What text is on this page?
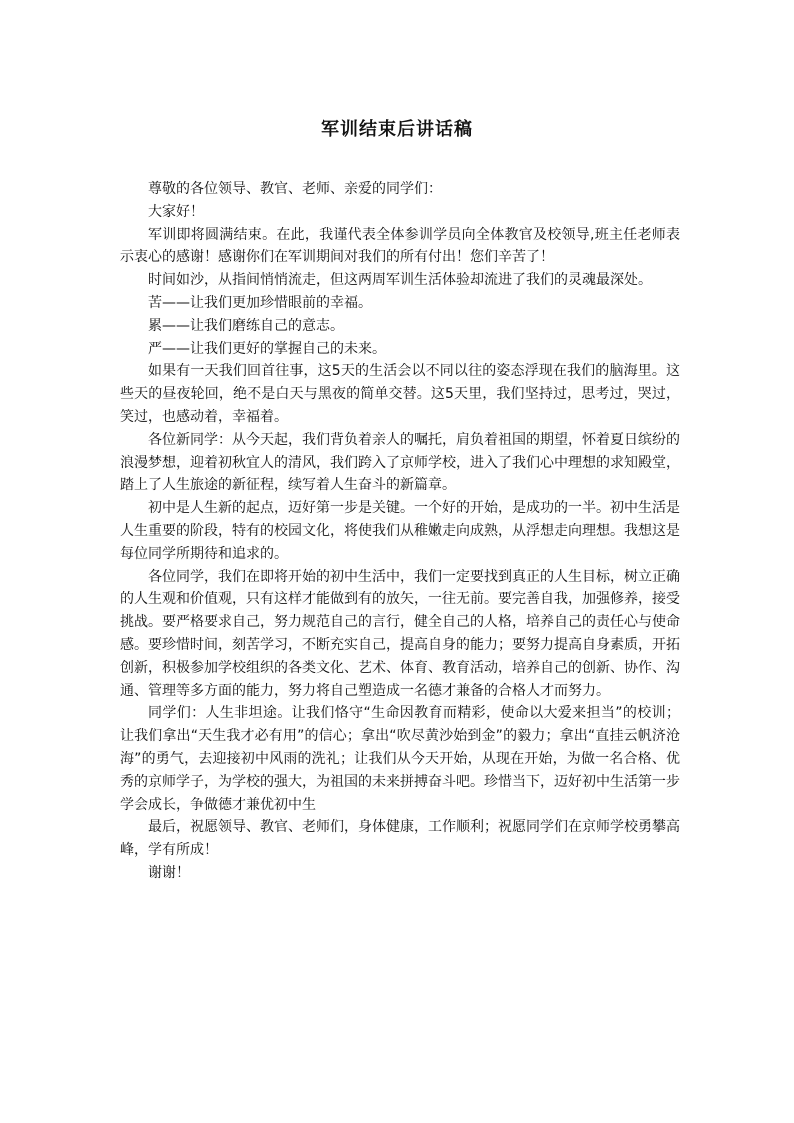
军训结束后讲话稿

尊敬的各位领导、教官、老师、亲爱的同学们：

大家好！

军训即将圆满结束。在此，我谨代表全体参训学员向全体教官及校领导,班主任老师表示衷心的感谢！感谢你们在军训期间对我们的所有付出！您们辛苦了！

时间如沙，从指间悄悄流走，但这两周军训生活体验却流进了我们的灵魂最深处。

苦——让我们更加珍惜眼前的幸福。

累——让我们磨练自己的意志。

严——让我们更好的掌握自己的未来。

如果有一天我们回首往事，这5天的生活会以不同以往的姿态浮现在我们的脑海里。这些天的昼夜轮回，绝不是白天与黑夜的简单交替。这5天里，我们坚持过，思考过，哭过，笑过，也感动着，幸福着。

各位新同学：从今天起，我们背负着亲人的嘱托，肩负着祖国的期望，怀着夏日缤纷的浪漫梦想，迎着初秋宜人的清风，我们跨入了京师学校，进入了我们心中理想的求知殿堂，踏上了人生旅途的新征程，续写着人生奋斗的新篇章。

初中是人生新的起点，迈好第一步是关键。一个好的开始，是成功的一半。初中生活是人生重要的阶段，特有的校园文化，将使我们从稚嫩走向成熟，从浮想走向理想。我想这是每位同学所期待和追求的。

各位同学，我们在即将开始的初中生活中，我们一定要找到真正的人生目标，树立正确的人生观和价值观，只有这样才能做到有的放矢，一往无前。要完善自我，加强修养，接受挑战。要严格要求自己，努力规范自己的言行，健全自己的人格，培养自己的责任心与使命感。要珍惜时间，刻苦学习，不断充实自己，提高自身的能力；要努力提高自身素质，开拓创新，积极参加学校组织的各类文化、艺术、体育、教育活动，培养自己的创新、协作、沟通、管理等多方面的能力，努力将自己塑造成一名德才兼备的合格人才而努力。

同学们：人生非坦途。让我们恪守“生命因教育而精彩，使命以大爱来担当”的校训；让我们拿出“天生我才必有用”的信心；拿出“吹尽黄沙始到金”的毅力；拿出“直挂云帆济沧海”的勇气，去迎接初中风雨的洗礼；让我们从今天开始，从现在开始，为做一名合格、优秀的京师学子，为学校的强大，为祖国的未来拼搏奋斗吧。珍惜当下，迈好初中生活第一步 学会成长，争做德才兼优初中生

最后，祝愿领导、教官、老师们，身体健康，工作顺利；祝愿同学们在京师学校勇攀高峰，学有所成！

谢谢！
